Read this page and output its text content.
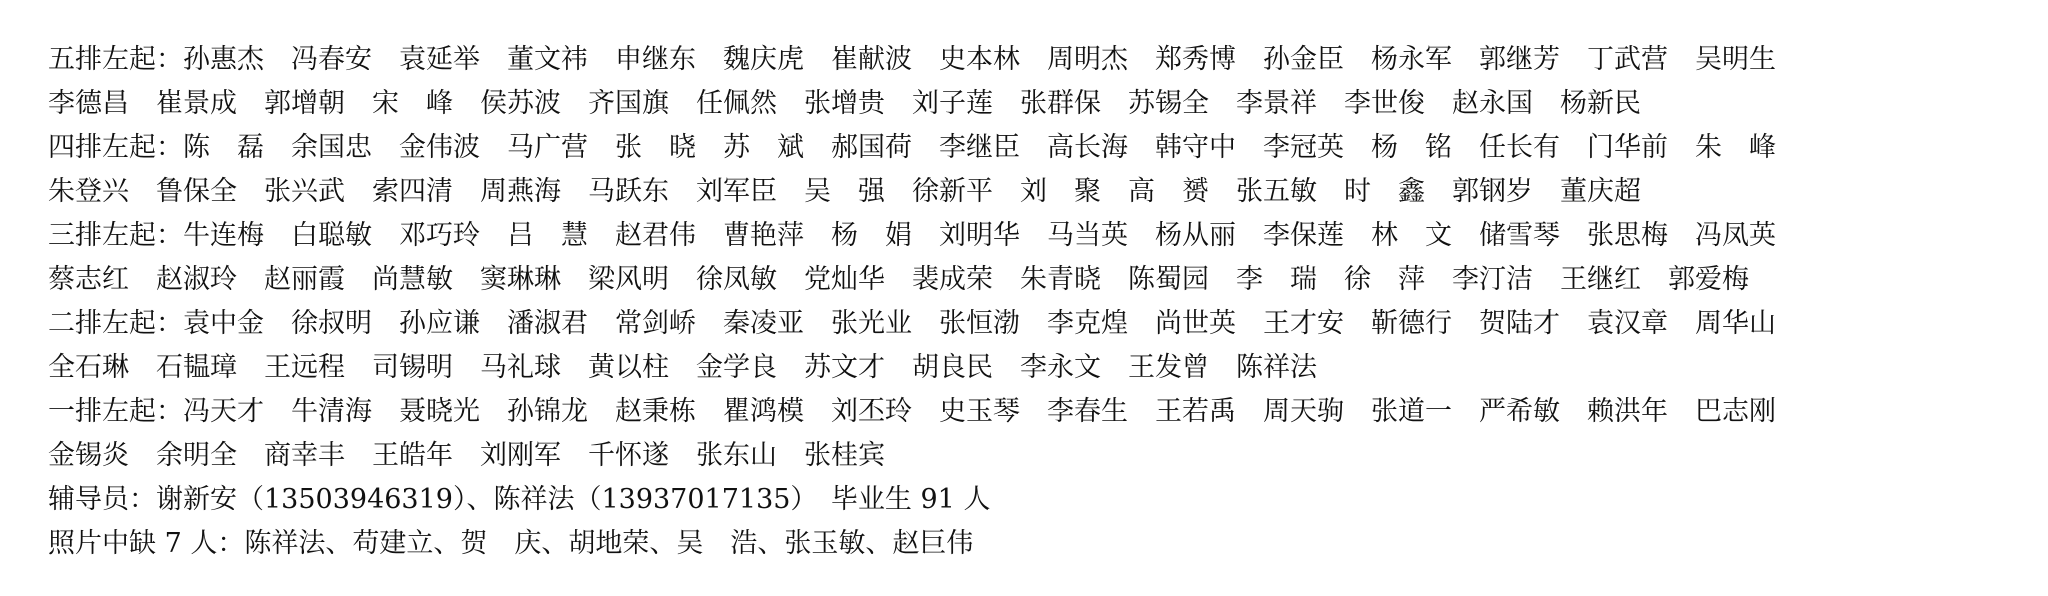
五排左起：孙惠杰　冯春安　袁延举　董文祎　申继东　魏庆虎　崔献波　史本林　周明杰　郑秀博　孙金臣　杨永军　郭继芳　丁武营　吴明生
李德昌　崔景成　郭增朝　宋　峰　侯苏波　齐国旗　任佩然　张增贵　刘子莲　张群保　苏锡全　李景祥　李世俊　赵永国　杨新民
四排左起：陈　磊　余国忠　金伟波　马广营　张　晓　苏　斌　郝国荷　李继臣　高长海　韩守中　李冠英　杨　铭　任长有　门华前　朱　峰
朱登兴　鲁保全　张兴武　索四清　周燕海　马跃东　刘军臣　吴　强　徐新平　刘　聚　高　赟　张五敏　时　鑫　郭钢岁　董庆超
三排左起：牛连梅　白聪敏　邓巧玲　吕　慧　赵君伟　曹艳萍　杨　娟　刘明华　马当英　杨从丽　李保莲　林　文　储雪琴　张思梅　冯凤英
蔡志红　赵淑玲　赵丽霞　尚慧敏　窦琳琳　梁风明　徐凤敏　党灿华　裴成荣　朱青晓　陈蜀园　李　瑞　徐　萍　李汀洁　王继红　郭爱梅
二排左起：袁中金　徐叔明　孙应谦　潘淑君　常剑峤　秦凌亚　张光业　张恒渤　李克煌　尚世英　王才安　靳德行　贺陆才　袁汉章　周华山
全石琳　石韫璋　王远程　司锡明　马礼球　黄以柱　金学良　苏文才　胡良民　李永文　王发曾　陈祥法
一排左起：冯天才　牛清海　聂晓光　孙锦龙　赵秉栋　瞿鸿模　刘丕玲　史玉琴　李春生　王若禹　周天驹　张道一　严希敏　赖洪年　巴志刚
金锡炎　余明全　商幸丰　王皓年　刘刚军　千怀遂　张东山　张桂宾
辅导员：谢新安（13503946319）、陈祥法（13937017135）　毕业生 91 人
照片中缺 7 人：陈祥法、苟建立、贺　庆、胡地荣、吴　浩、张玉敏、赵巨伟
